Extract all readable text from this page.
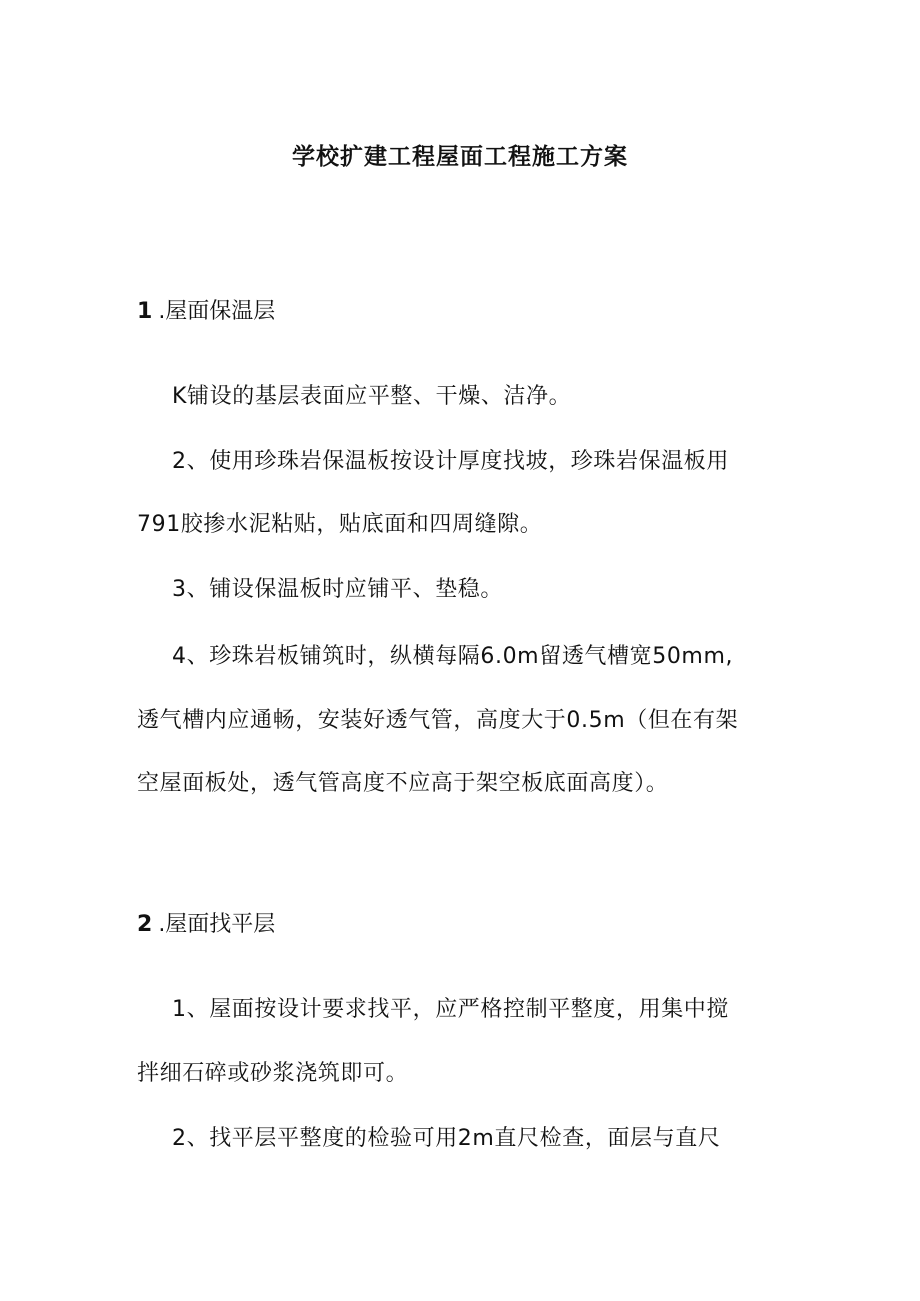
学校扩建工程屋面工程施工方案
1 .屋面保温层
K铺设的基层表面应平整、干燥、洁净。
2、使用珍珠岩保温板按设计厚度找坡，珍珠岩保温板用
791胶掺水泥粘贴，贴底面和四周缝隙。
3、铺设保温板时应铺平、垫稳。
4、珍珠岩板铺筑时，纵横每隔6.0m留透气槽宽50mm,
透气槽内应通畅，安装好透气管，高度大于0.5m（但在有架
空屋面板处，透气管高度不应高于架空板底面高度）。
2 .屋面找平层
1、屋面按设计要求找平，应严格控制平整度，用集中搅
拌细石碎或砂浆浇筑即可。
2、找平层平整度的检验可用2m直尺检查，面层与直尺
